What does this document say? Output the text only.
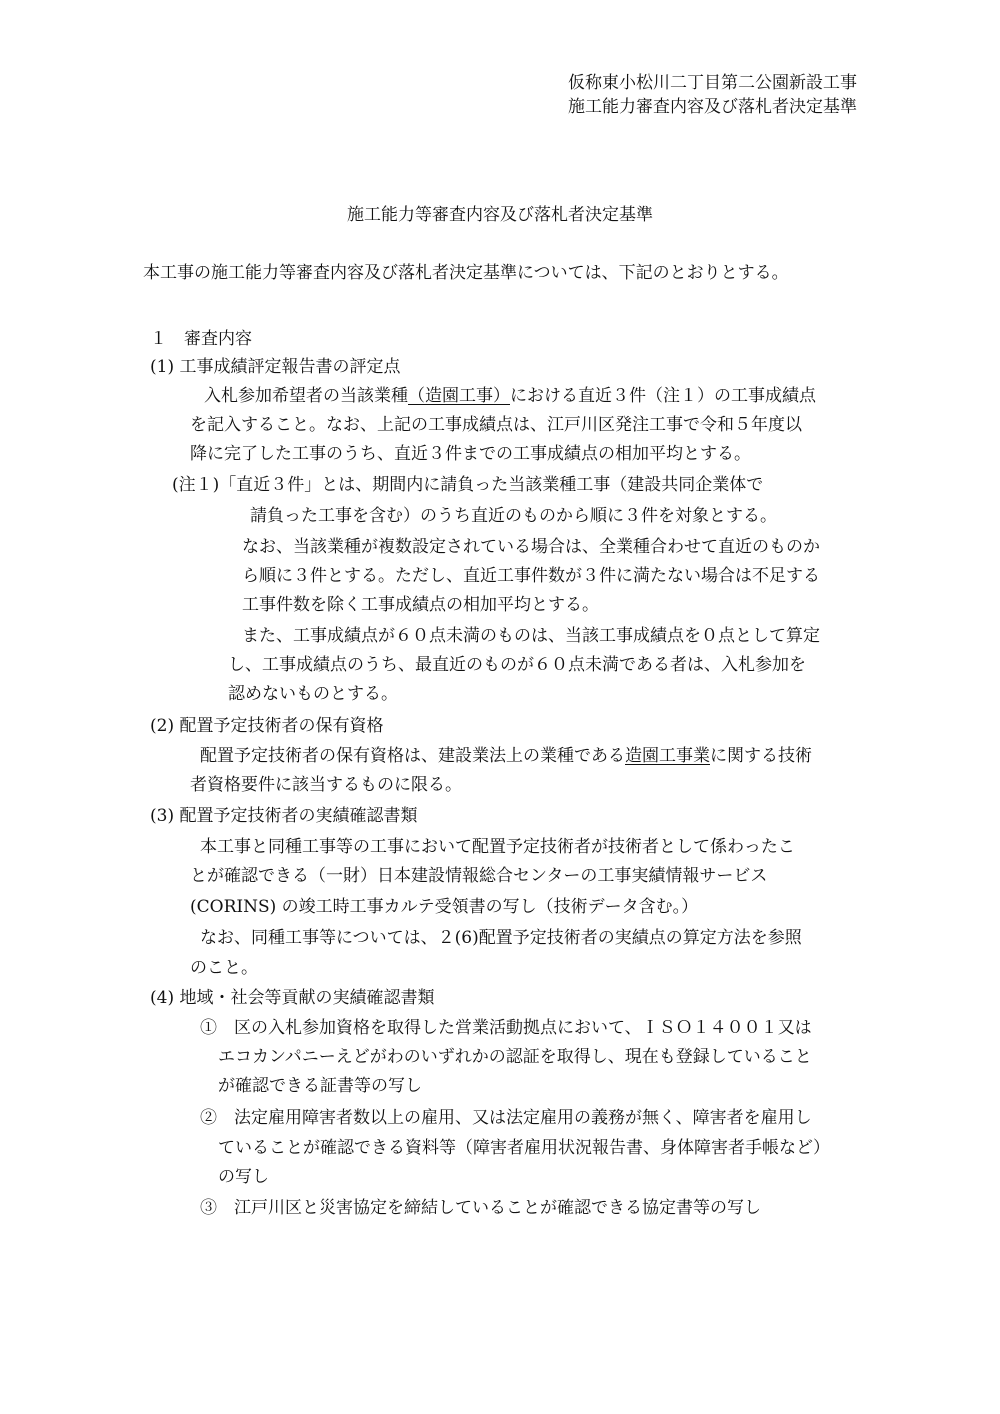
仮称東小松川二丁目第二公園新設工事
施工能力審査内容及び落札者決定基準
施工能力等審査内容及び落札者決定基準
本工事の施工能力等審査内容及び落札者決定基準については、下記のとおりとする。
１　審査内容
(1) 工事成績評定報告書の評定点
入札参加希望者の当該業種（造園工事）における直近３件（注１）の工事成績点
を記入すること。なお、上記の工事成績点は、江戸川区発注工事で令和５年度以
降に完了した工事のうち、直近３件までの工事成績点の相加平均とする。
(注１)「直近３件」とは、期間内に請負った当該業種工事（建設共同企業体で
請負った工事を含む）のうち直近のものから順に３件を対象とする。
なお、当該業種が複数設定されている場合は、全業種合わせて直近のものか
ら順に３件とする。ただし、直近工事件数が３件に満たない場合は不足する
工事件数を除く工事成績点の相加平均とする。
また、工事成績点が６０点未満のものは、当該工事成績点を０点として算定
し、工事成績点のうち、最直近のものが６０点未満である者は、入札参加を
認めないものとする。
(2) 配置予定技術者の保有資格
配置予定技術者の保有資格は、建設業法上の業種である造園工事業に関する技術
者資格要件に該当するものに限る。
(3) 配置予定技術者の実績確認書類
本工事と同種工事等の工事において配置予定技術者が技術者として係わったこ
とが確認できる（一財）日本建設情報総合センターの工事実績情報サービス
(CORINS) の竣工時工事カルテ受領書の写し（技術データ含む。）
なお、同種工事等については、２(6)配置予定技術者の実績点の算定方法を参照
のこと。
(4) 地域・社会等貢献の実績確認書類
①　区の入札参加資格を取得した営業活動拠点において、ＩＳＯ１４００１又は
エコカンパニーえどがわのいずれかの認証を取得し、現在も登録していること
が確認できる証書等の写し
②　法定雇用障害者数以上の雇用、又は法定雇用の義務が無く、障害者を雇用し
ていることが確認できる資料等（障害者雇用状況報告書、身体障害者手帳など）
の写し
③　江戸川区と災害協定を締結していることが確認できる協定書等の写し
